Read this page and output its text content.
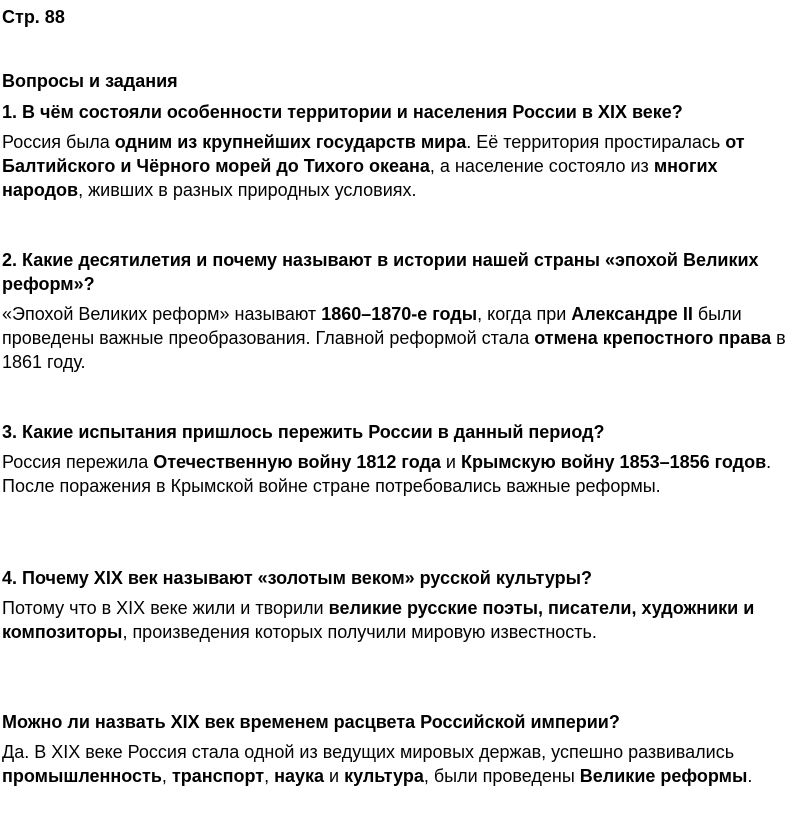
Стр. 88
Вопросы и задания

1. В чём состояли особенности территории и населения России в XIX веке?

Россия была одним из крупнейших государств мира. Её территория простиралась от Балтийского и Чёрного морей до Тихого океана, а население состояло из многих народов, живших в разных природных условиях.

2. Какие десятилетия и почему называют в истории нашей страны «эпохой Великих реформ»?

«Эпохой Великих реформ» называют 1860–1870-е годы, когда при Александре II были проведены важные преобразования. Главной реформой стала отмена крепостного права в 1861 году.

3. Какие испытания пришлось пережить России в данный период?

Россия пережила Отечественную войну 1812 года и Крымскую войну 1853–1856 годов. После поражения в Крымской войне стране потребовались важные реформы.

4. Почему XIX век называют «золотым веком» русской культуры?

Потому что в XIX веке жили и творили великие русские поэты, писатели, художники и композиторы, произведения которых получили мировую известность.

Можно ли назвать XIX век временем расцвета Российской империи?

Да. В XIX веке Россия стала одной из ведущих мировых держав, успешно развивались промышленность, транспорт, наука и культура, были проведены Великие реформы.
